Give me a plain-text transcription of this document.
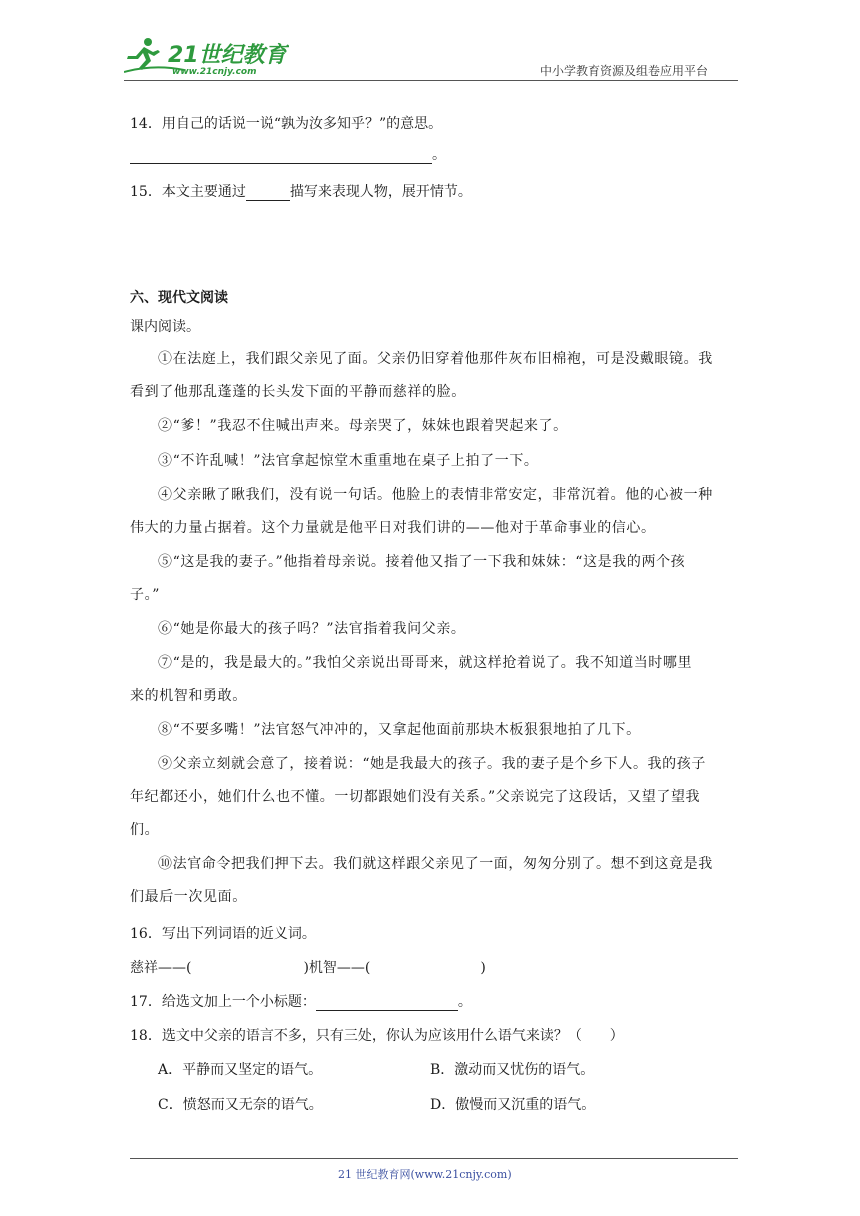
21世纪教育
www.21cnjy.com	中小学教育资源及组卷应用平台
14．用自己的话说一说“孰为汝多知乎？”的意思。
。
15．本文主要通过	描写来表现人物，展开情节。
六、现代文阅读
课内阅读。
①在法庭上，我们跟父亲见了面。父亲仍旧穿着他那件灰布旧棉袍，可是没戴眼镜。我
看到了他那乱蓬蓬的长头发下面的平静而慈祥的脸。
②“爹！”我忍不住喊出声来。母亲哭了，妹妹也跟着哭起来了。
③“不许乱喊！”法官拿起惊堂木重重地在桌子上拍了一下。
④父亲瞅了瞅我们，没有说一句话。他脸上的表情非常安定，非常沉着。他的心被一种
伟大的力量占据着。这个力量就是他平日对我们讲的——他对于革命事业的信心。
⑤“这是我的妻子。”他指着母亲说。接着他又指了一下我和妹妹：“这是我的两个孩
子。”
⑥“她是你最大的孩子吗？”法官指着我问父亲。
⑦“是的，我是最大的。”我怕父亲说出哥哥来，就这样抢着说了。我不知道当时哪里
来的机智和勇敢。
⑧“不要多嘴！”法官怒气冲冲的，又拿起他面前那块木板狠狠地拍了几下。
⑨父亲立刻就会意了，接着说：“她是我最大的孩子。我的妻子是个乡下人。我的孩子
年纪都还小，她们什么也不懂。一切都跟她们没有关系。”父亲说完了这段话，又望了望我
们。
⑩法官命令把我们押下去。我们就这样跟父亲见了一面，匆匆分别了。想不到这竟是我
们最后一次见面。
16．写出下列词语的近义词。
慈祥——(	)机智——(	)
17．给选文加上一个小标题：	。
18．选文中父亲的语言不多，只有三处，你认为应该用什么语气来读？（　　）
A．平静而又坚定的语气。	B．激动而又忧伤的语气。
C．愤怒而又无奈的语气。	D．傲慢而又沉重的语气。
21 世纪教育网(www.21cnjy.com)
